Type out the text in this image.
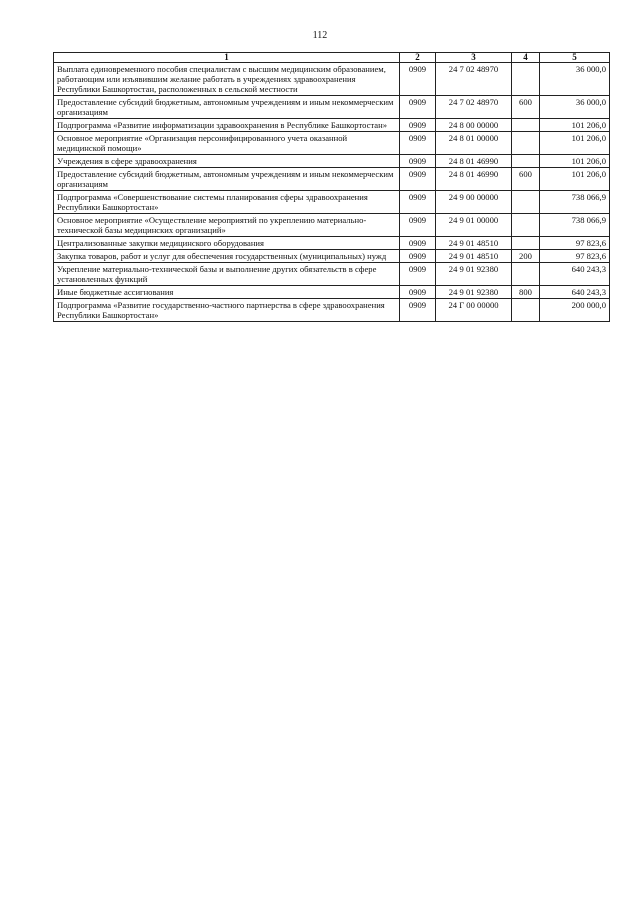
112
1	2	3	4	5
Выплата единовременного пособия специалистам с высшим медицинским образованием, работающим или изъявившим желание работать в учреждениях здравоохранения Республики Башкортостан, расположенных в сельской местности	0909	24 7 02 48970		36 000,0
Предоставление субсидий бюджетным, автономным учреждениям и иным некоммерческим организациям	0909	24 7 02 48970	600	36 000,0
Подпрограмма «Развитие информатизации здравоохранения в Республике Башкортостан»	0909	24 8 00 00000		101 206,0
Основное мероприятие «Организация персонифицированного учета оказанной медицинской помощи»	0909	24 8 01 00000		101 206,0
Учреждения в сфере здравоохранения	0909	24 8 01 46990		101 206,0
Предоставление субсидий бюджетным, автономным учреждениям и иным некоммерческим организациям	0909	24 8 01 46990	600	101 206,0
Подпрограмма «Совершенствование системы планирования сферы здравоохранения Республики Башкортостан»	0909	24 9 00 00000		738 066,9
Основное мероприятие «Осуществление мероприятий по укреплению материально-технической базы медицинских организаций»	0909	24 9 01 00000		738 066,9
Централизованные закупки медицинского оборудования	0909	24 9 01 48510		97 823,6
Закупка товаров, работ и услуг для обеспечения государственных (муниципальных) нужд	0909	24 9 01 48510	200	97 823,6
Укрепление материально-технической базы и выполнение других обязательств в сфере установленных функций	0909	24 9 01 92380		640 243,3
Иные бюджетные ассигнования	0909	24 9 01 92380	800	640 243,3
Подпрограмма «Развитие государственно-частного партнерства в сфере здравоохранения Республики Башкортостан»	0909	24 Г 00 00000		200 000,0
